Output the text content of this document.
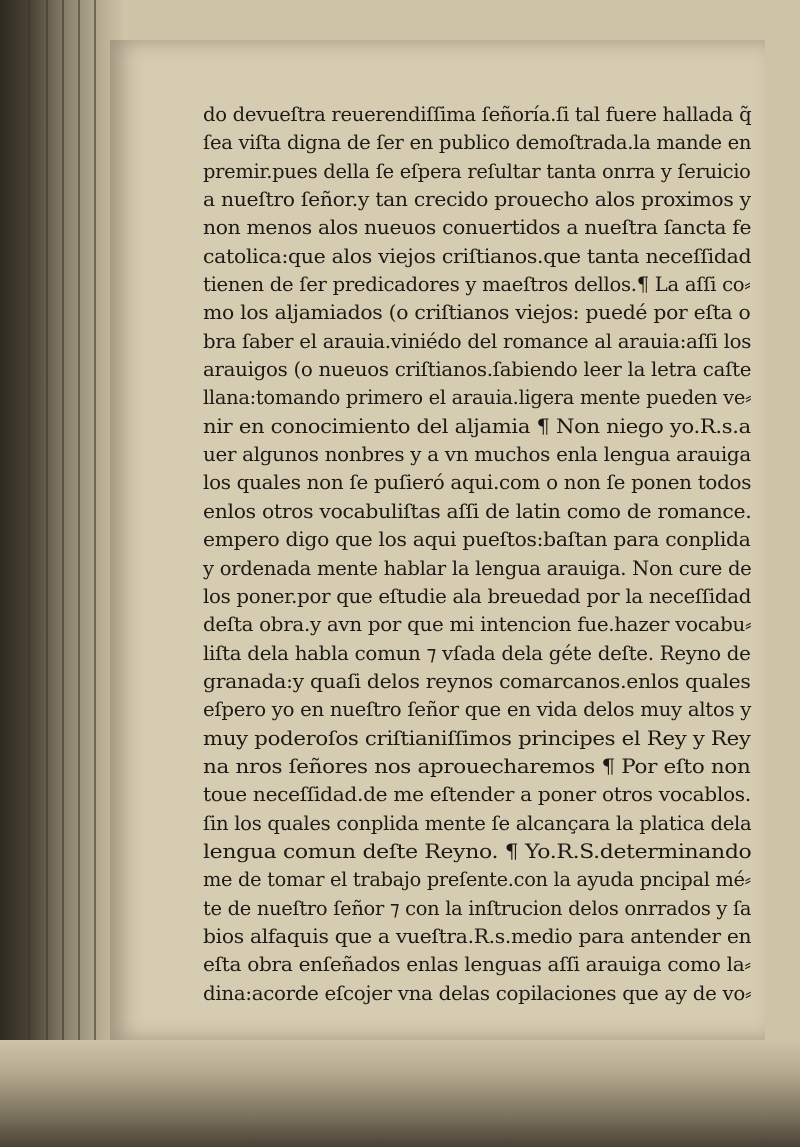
do devueſtra reuerendiſſima ſeñoría.ſi tal fuere hallada q̃
ſea viſta digna de ſer en publico demoſtrada.la mande en
premir.pues della ſe eſpera reſultar tanta onrra y ſeruicio
a nueſtro ſeñor.y tan crecido prouecho alos proximos y
non menos alos nueuos conuertidos a nueſtra ſancta fe
catolica:que alos viejos criſtianos.que tanta neceſſidad
tienen de ſer predicadores y maeſtros dellos.¶ La aſſi co⸗
mo los aljamiados (o criſtianos viejos: puedé por eſta o
bra ſaber el arauia.viniédo del romance al arauia:aſſi los
arauigos (o nueuos criſtianos.ſabiendo leer la letra caſte
llana:tomando primero el arauia.ligera mente pueden ve⸗
nir en conocimiento del aljamia ¶ Non niego yo.R.s.a
uer algunos nonbres y a vn muchos enla lengua arauiga
los quales non ſe puſieró aqui.com o non ſe ponen todos
enlos otros vocabuliſtas aſſi de latin como de romance.
empero digo que los aqui pueſtos:baſtan para conplida
y ordenada mente hablar la lengua arauiga. Non cure de
los poner.por que eſtudie ala breuedad por la neceſſidad
deſta obra.y avn por que mi intencion fue.hazer vocabu⸗
liſta dela habla comun ⁊ vſada dela géte deſte. Reyno de
granada:y quaſi delos reynos comarcanos.enlos quales
eſpero yo en nueſtro ſeñor que en vida delos muy altos y
muy poderoſos criſtianiſſimos principes el Rey y Rey
na nros ſeñores nos aprouecharemos ¶ Por eſto non
toue neceſſidad.de me eſtender a poner otros vocablos.
ſin los quales conplida mente ſe alcançara la platica dela
lengua comun deſte Reyno. ¶ Yo.R.S.determinando
me de tomar el trabajo preſente.con la ayuda pncipal mé⸗
te de nueſtro ſeñor ⁊ con la inſtrucion delos onrrados y ſa
bios alfaquis que a vueſtra.R.s.medio para antender en
eſta obra enſeñados enlas lenguas aſſi arauiga como la⸗
dina:acorde eſcojer vna delas copilaciones que ay de vo⸗
